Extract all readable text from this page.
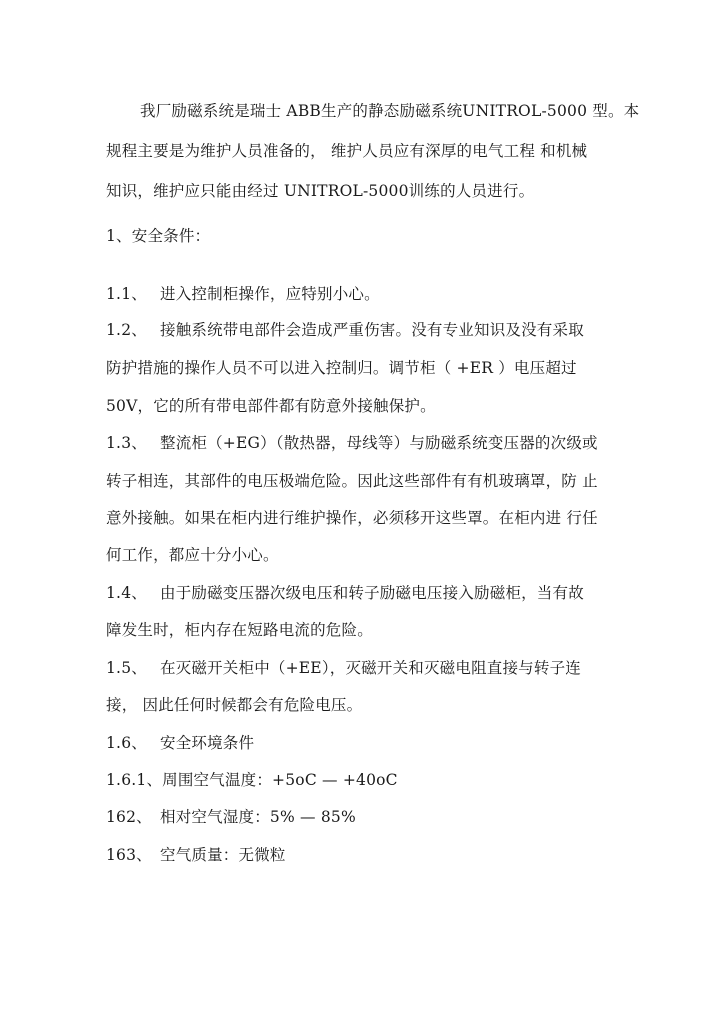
我厂励磁系统是瑞士 ABB生产的静态励磁系统UNITROL-5000 型。本
规程主要是为维护人员准备的， 维护人员应有深厚的电气工程 和机械
知识，维护应只能由经过 UNITROL-5000训练的人员进行。
1、安全条件：
1.1、 进入控制柜操作，应特别小心。
1.2、 接触系统带电部件会造成严重伤害。没有专业知识及没有采取
防护措施的操作人员不可以进入控制归。调节柜（ +ER ）电压超过
50V，它的所有带电部件都有防意外接触保护。
1.3、 整流柜（+EG）（散热器，母线等）与励磁系统变压器的次级或
转子相连，其部件的电压极端危险。因此这些部件有有机玻璃罩，防 止
意外接触。如果在柜内进行维护操作，必须移开这些罩。在柜内进 行任
何工作，都应十分小心。
1.4、 由于励磁变压器次级电压和转子励磁电压接入励磁柜，当有故
障发生时，柜内存在短路电流的危险。
1.5、 在灭磁开关柜中（+EE），灭磁开关和灭磁电阻直接与转子连
接， 因此任何时候都会有危险电压。
1.6、 安全环境条件
1.6.1、周围空气温度：+5oC — +40oC
162、 相对空气湿度：5% — 85%
163、 空气质量：无微粒
